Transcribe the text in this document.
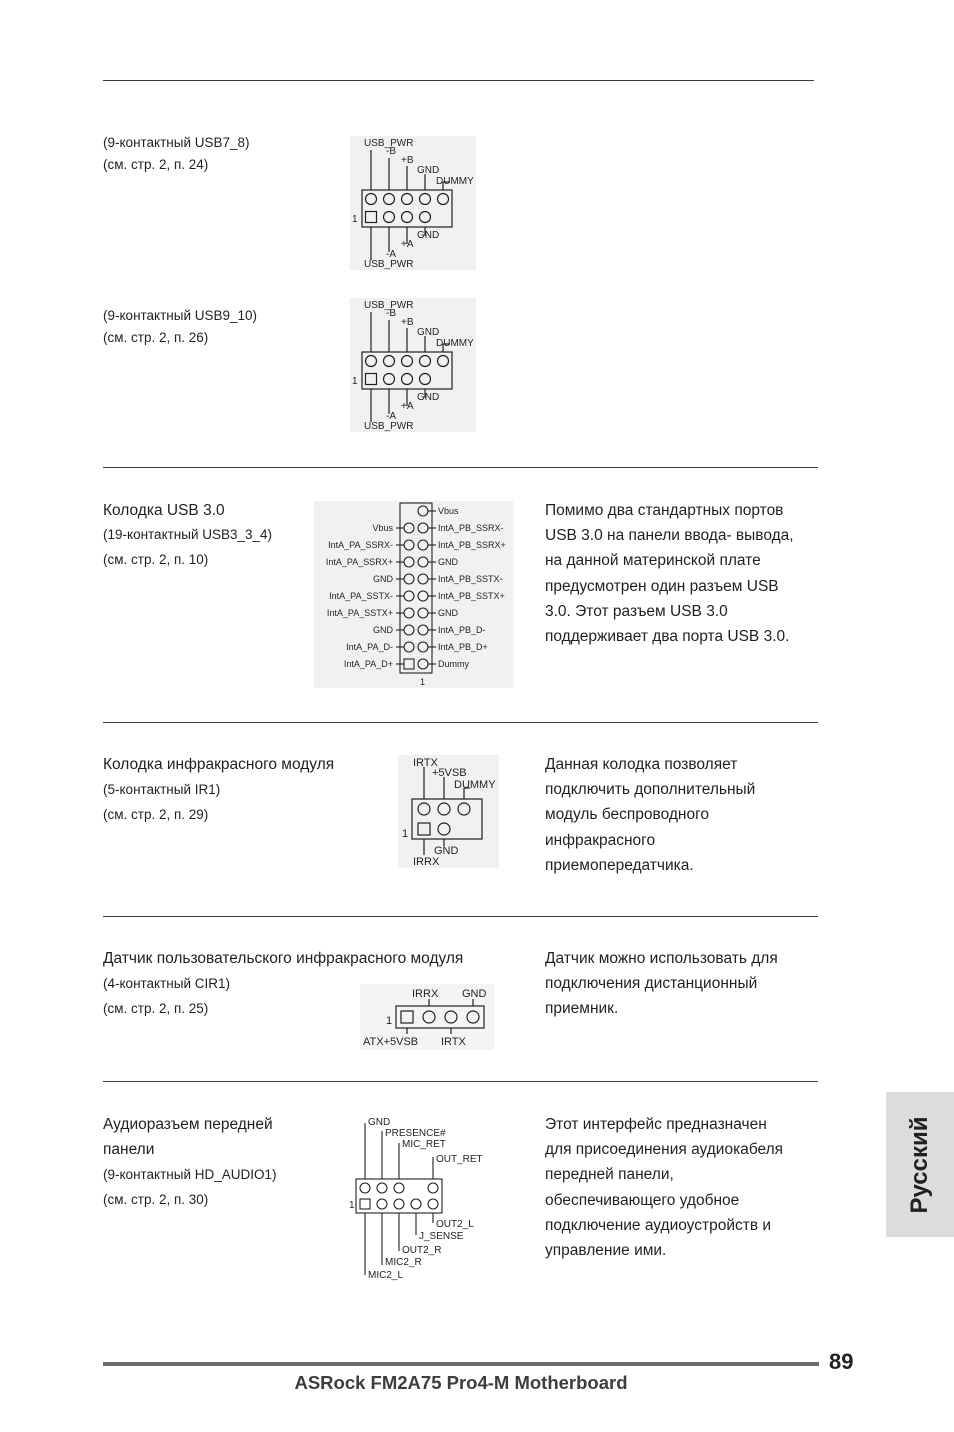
(9-контактный USB7_8)
(см. стр. 2, п. 24)
USB_PWR
-B
+B
GND
DUMMY
GND
+A
-A
USB_PWR
1
(9-контактный USB9_10)
(см. стр. 2, п. 26)
USB_PWR
-B
+B
GND
DUMMY
GND
+A
-A
USB_PWR
1
Колодка USB 3.0
(19-контактный USB3_3_4)
(см. стр. 2, п. 10)
Vbus
IntA_PB_SSRX-
IntA_PB_SSRX+
GND
IntA_PB_SSTX-
IntA_PB_SSTX+
GND
IntA_PB_D-
IntA_PB_D+
Dummy
Vbus
IntA_PA_SSRX-
IntA_PA_SSRX+
GND
IntA_PA_SSTX-
IntA_PA_SSTX+
GND
IntA_PA_D-
IntA_PA_D+
1
Помимо два стандартных портов
USB 3.0 на панели ввода- вывода,
на данной материнской плате
предусмотрен один разъем USB
3.0. Этот разъем USB 3.0
поддерживает два порта USB 3.0.
Колодка инфракрасного модуля
(5-контактный IR1)
(см. стр. 2, п. 29)
IRTX
+5VSB
DUMMY
GND
IRRX
1
Данная колодка позволяет
подключить дополнительный
модуль беспроводного
инфракрасного
приемопередатчика.
Датчик пользовательского инфракрасного модуля
(4-контактный CIR1)
(см. стр. 2, п. 25)
IRRX GND
ATX+5VSB IRTX
1
Датчик можно использовать для
подключения дистанционный
приемник.
Аудиоразъем передней
панели
(9-контактный HD_AUDIO1)
(см. стр. 2, п. 30)
GND
PRESENCE#
MIC_RET
OUT_RET
OUT2_L
J_SENSE
OUT2_R
MIC2_R
MIC2_L
1
Этот интерфейс предназначен
для присоединения аудиокабеля
передней панели,
обеспечивающего удобное
подключение аудиоустройств и
управление ими.
Русский
89
ASRock FM2A75 Pro4-M Motherboard
